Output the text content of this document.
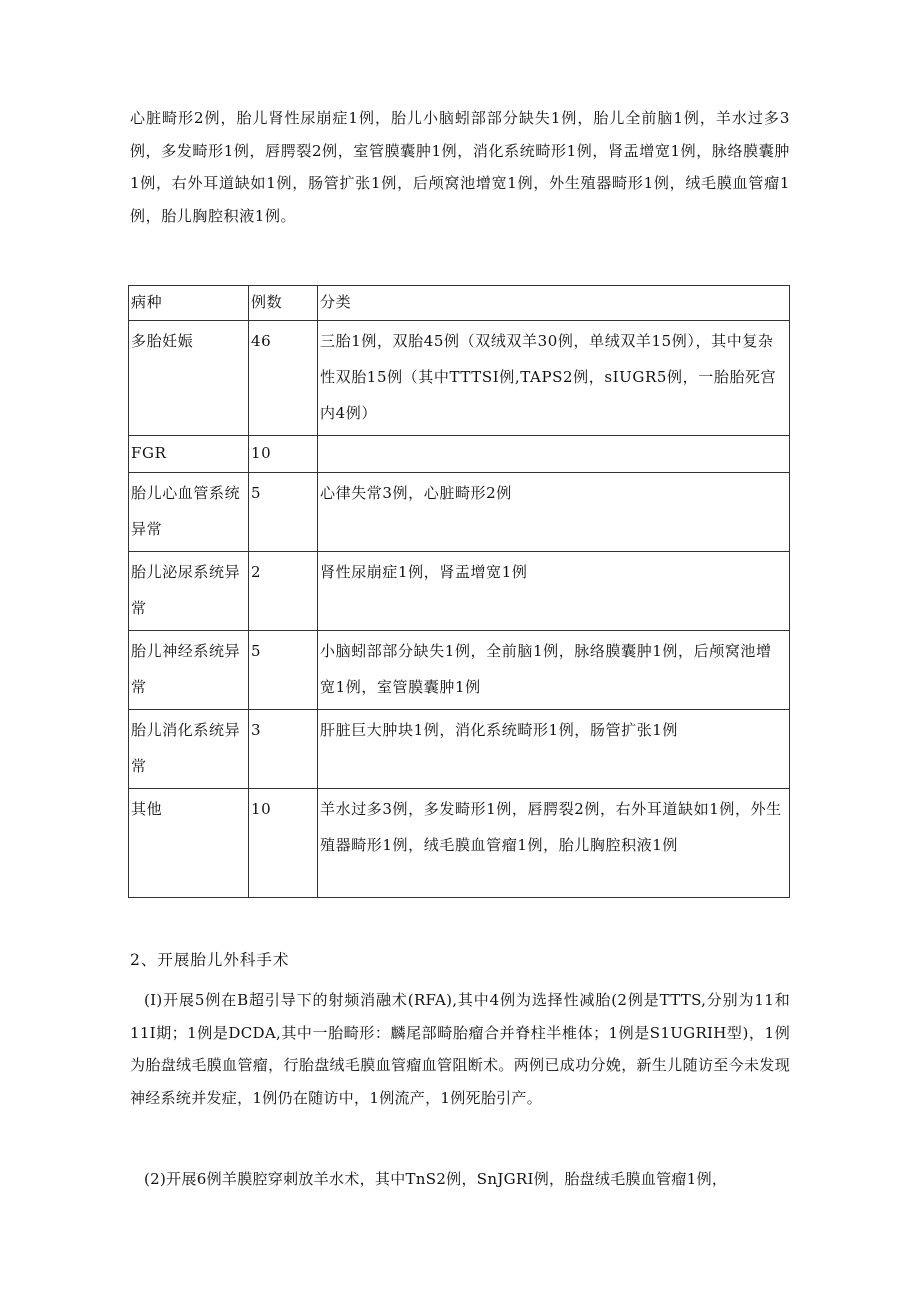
心脏畸形2例，胎儿肾性尿崩症1例，胎儿小脑蚓部部分缺失1例，胎儿全前脑1例，羊水过多3例，多发畸形1例，唇腭裂2例，室管膜囊肿1例，消化系统畸形1例，肾盂增宽1例，脉络膜囊肿1例，右外耳道缺如1例，肠管扩张1例，后颅窝池增宽1例，外生殖器畸形1例，绒毛膜血管瘤1例，胎儿胸腔积液1例。

病种	例数	分类
多胎妊娠	46	三胎1例，双胎45例（双绒双羊30例，单绒双羊15例），其中复杂性双胎15例（其中TTTSI例,TAPS2例，sIUGR5例，一胎胎死宫内4例）
FGR	10	
胎儿心血管系统异常	5	心律失常3例，心脏畸形2例
胎儿泌尿系统异常	2	肾性尿崩症1例，肾盂增宽1例
胎儿神经系统异常	5	小脑蚓部部分缺失1例，全前脑1例，脉络膜囊肿1例，后颅窝池增宽1例，室管膜囊肿1例
胎儿消化系统异常	3	肝脏巨大肿块1例，消化系统畸形1例，肠管扩张1例
其他	10	羊水过多3例，多发畸形1例，唇腭裂2例，右外耳道缺如1例，外生殖器畸形1例，绒毛膜血管瘤1例，胎儿胸腔积液1例

2、开展胎儿外科手术

(I)开展5例在B超引导下的射频消融术(RFA),其中4例为选择性减胎(2例是TTTS,分别为11和11I期；1例是DCDA,其中一胎畸形：麟尾部畸胎瘤合并脊柱半椎体；1例是S1UGRIH型)，1例为胎盘绒毛膜血管瘤，行胎盘绒毛膜血管瘤血管阻断术。两例已成功分娩，新生儿随访至今未发现神经系统并发症，1例仍在随访中，1例流产，1例死胎引产。

(2)开展6例羊膜腔穿刺放羊水术，其中TnS2例，SnJGRI例，胎盘绒毛膜血管瘤1例，
